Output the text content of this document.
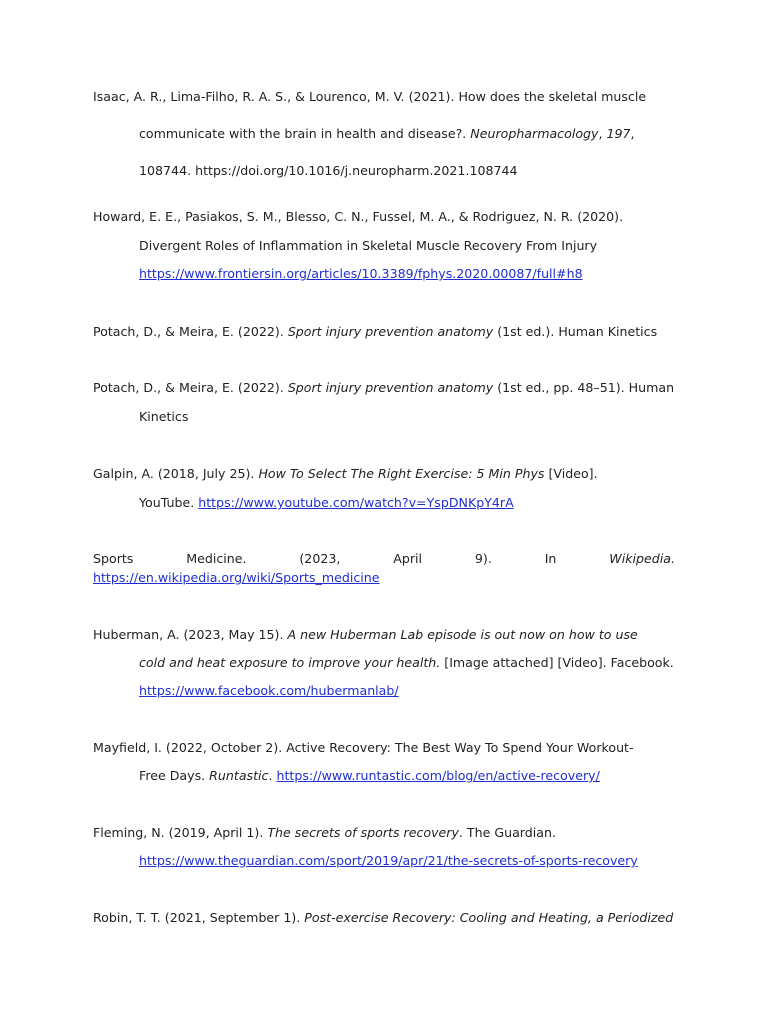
Isaac, A. R., Lima-Filho, R. A. S., & Lourenco, M. V. (2021). How does the skeletal muscle
communicate with the brain in health and disease?. Neuropharmacology, 197,
108744. https://doi.org/10.1016/j.neuropharm.2021.108744
Howard, E. E., Pasiakos, S. M., Blesso, C. N., Fussel, M. A., & Rodriguez, N. R. (2020).
Divergent Roles of Inflammation in Skeletal Muscle Recovery From Injury
https://www.frontiersin.org/articles/10.3389/fphys.2020.00087/full#h8
Potach, D., & Meira, E. (2022). Sport injury prevention anatomy (1st ed.). Human Kinetics
Potach, D., & Meira, E. (2022). Sport injury prevention anatomy (1st ed., pp. 48–51). Human
Kinetics
Galpin, A. (2018, July 25). How To Select The Right Exercise: 5 Min Phys [Video].
YouTube. https://www.youtube.com/watch?v=YspDNKpY4rA
Sports	Medicine.	(2023,	April	9).	In	Wikipedia.
https://en.wikipedia.org/wiki/Sports_medicine
Huberman, A. (2023, May 15). A new Huberman Lab episode is out now on how to use
cold and heat exposure to improve your health. [Image attached] [Video]. Facebook.
https://www.facebook.com/hubermanlab/
Mayfield, I. (2022, October 2). Active Recovery: The Best Way To Spend Your Workout-
Free Days. Runtastic. https://www.runtastic.com/blog/en/active-recovery/
Fleming, N. (2019, April 1). The secrets of sports recovery. The Guardian.
https://www.theguardian.com/sport/2019/apr/21/the-secrets-of-sports-recovery
Robin, T. T. (2021, September 1). Post-exercise Recovery: Cooling and Heating, a Periodized
